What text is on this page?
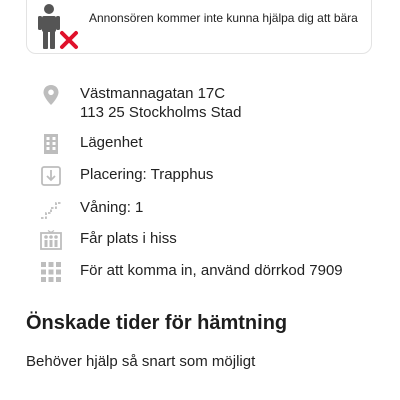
Annonsören kommer inte kunna hjälpa dig att bära
Västmannagatan 17C
113 25 Stockholms Stad
Lägenhet
Placering: Trapphus
Våning: 1
Får plats i hiss
För att komma in, använd dörrkod 7909
Önskade tider för hämtning
Behöver hjälp så snart som möjligt
